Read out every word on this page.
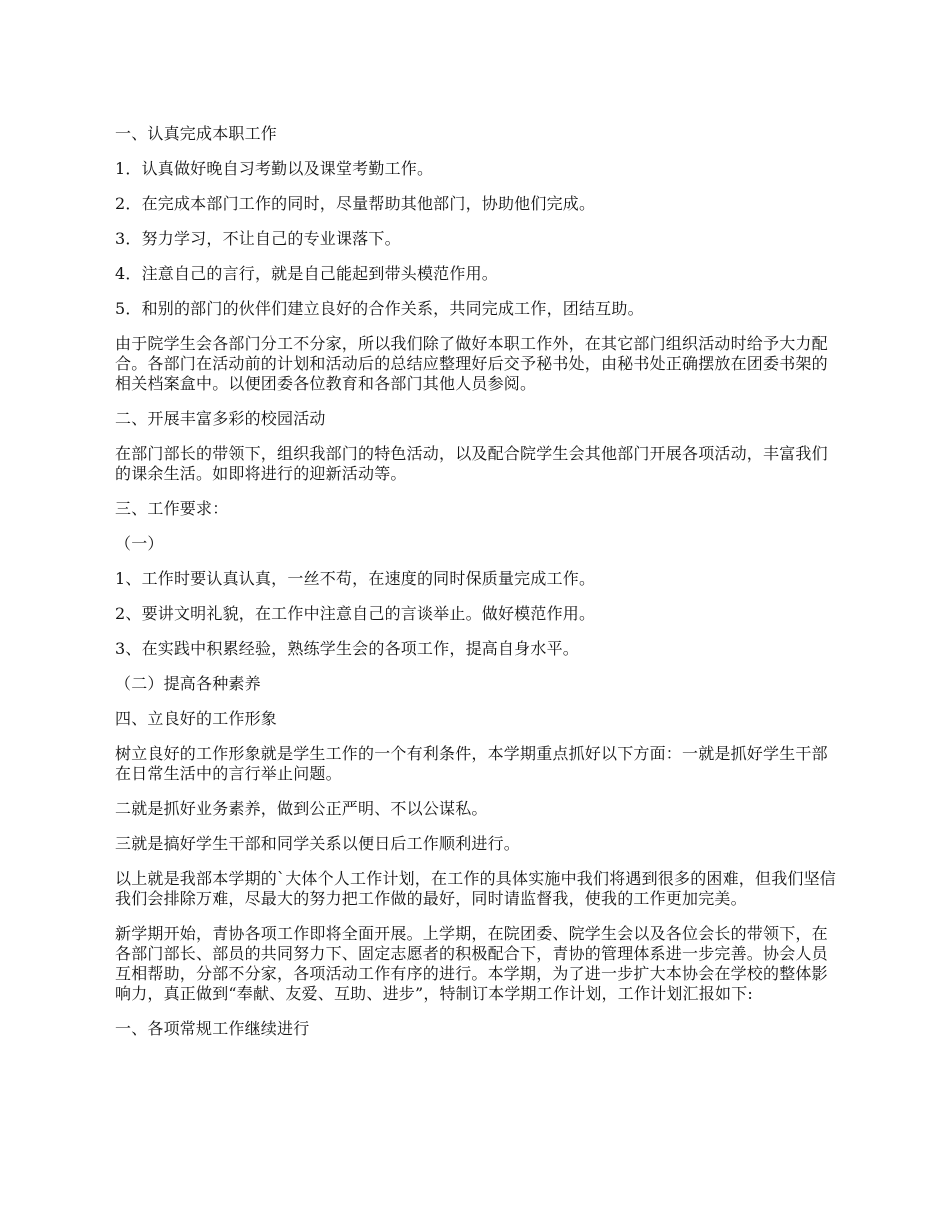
一、认真完成本职工作

1．认真做好晚自习考勤以及课堂考勤工作。

2．在完成本部门工作的同时，尽量帮助其他部门，协助他们完成。

3．努力学习，不让自己的专业课落下。

4．注意自己的言行，就是自己能起到带头模范作用。

5．和别的部门的伙伴们建立良好的合作关系，共同完成工作，团结互助。

由于院学生会各部门分工不分家，所以我们除了做好本职工作外，在其它部门组织活动时给予大力配合。各部门在活动前的计划和活动后的总结应整理好后交予秘书处，由秘书处正确摆放在团委书架的相关档案盒中。以便团委各位教育和各部门其他人员参阅。

二、开展丰富多彩的校园活动

在部门部长的带领下，组织我部门的特色活动，以及配合院学生会其他部门开展各项活动，丰富我们的课余生活。如即将进行的迎新活动等。

三、工作要求：

（一）

1、工作时要认真认真，一丝不苟，在速度的同时保质量完成工作。

2、要讲文明礼貌，在工作中注意自己的言谈举止。做好模范作用。

3、在实践中积累经验，熟练学生会的各项工作，提高自身水平。

（二）提高各种素养

四、立良好的工作形象

树立良好的工作形象就是学生工作的一个有利条件，本学期重点抓好以下方面：一就是抓好学生干部在日常生活中的言行举止问题。

二就是抓好业务素养，做到公正严明、不以公谋私。

三就是搞好学生干部和同学关系以便日后工作顺利进行。

以上就是我部本学期的`大体个人工作计划，在工作的具体实施中我们将遇到很多的困难，但我们坚信我们会排除万难，尽最大的努力把工作做的最好，同时请监督我，使我的工作更加完美。

新学期开始，青协各项工作即将全面开展。上学期，在院团委、院学生会以及各位会长的带领下，在各部门部长、部员的共同努力下、固定志愿者的积极配合下，青协的管理体系进一步完善。协会人员互相帮助，分部不分家，各项活动工作有序的进行。本学期，为了进一步扩大本协会在学校的整体影响力，真正做到“奉献、友爱、互助、进步”，特制订本学期工作计划，工作计划汇报如下:

一、各项常规工作继续进行
